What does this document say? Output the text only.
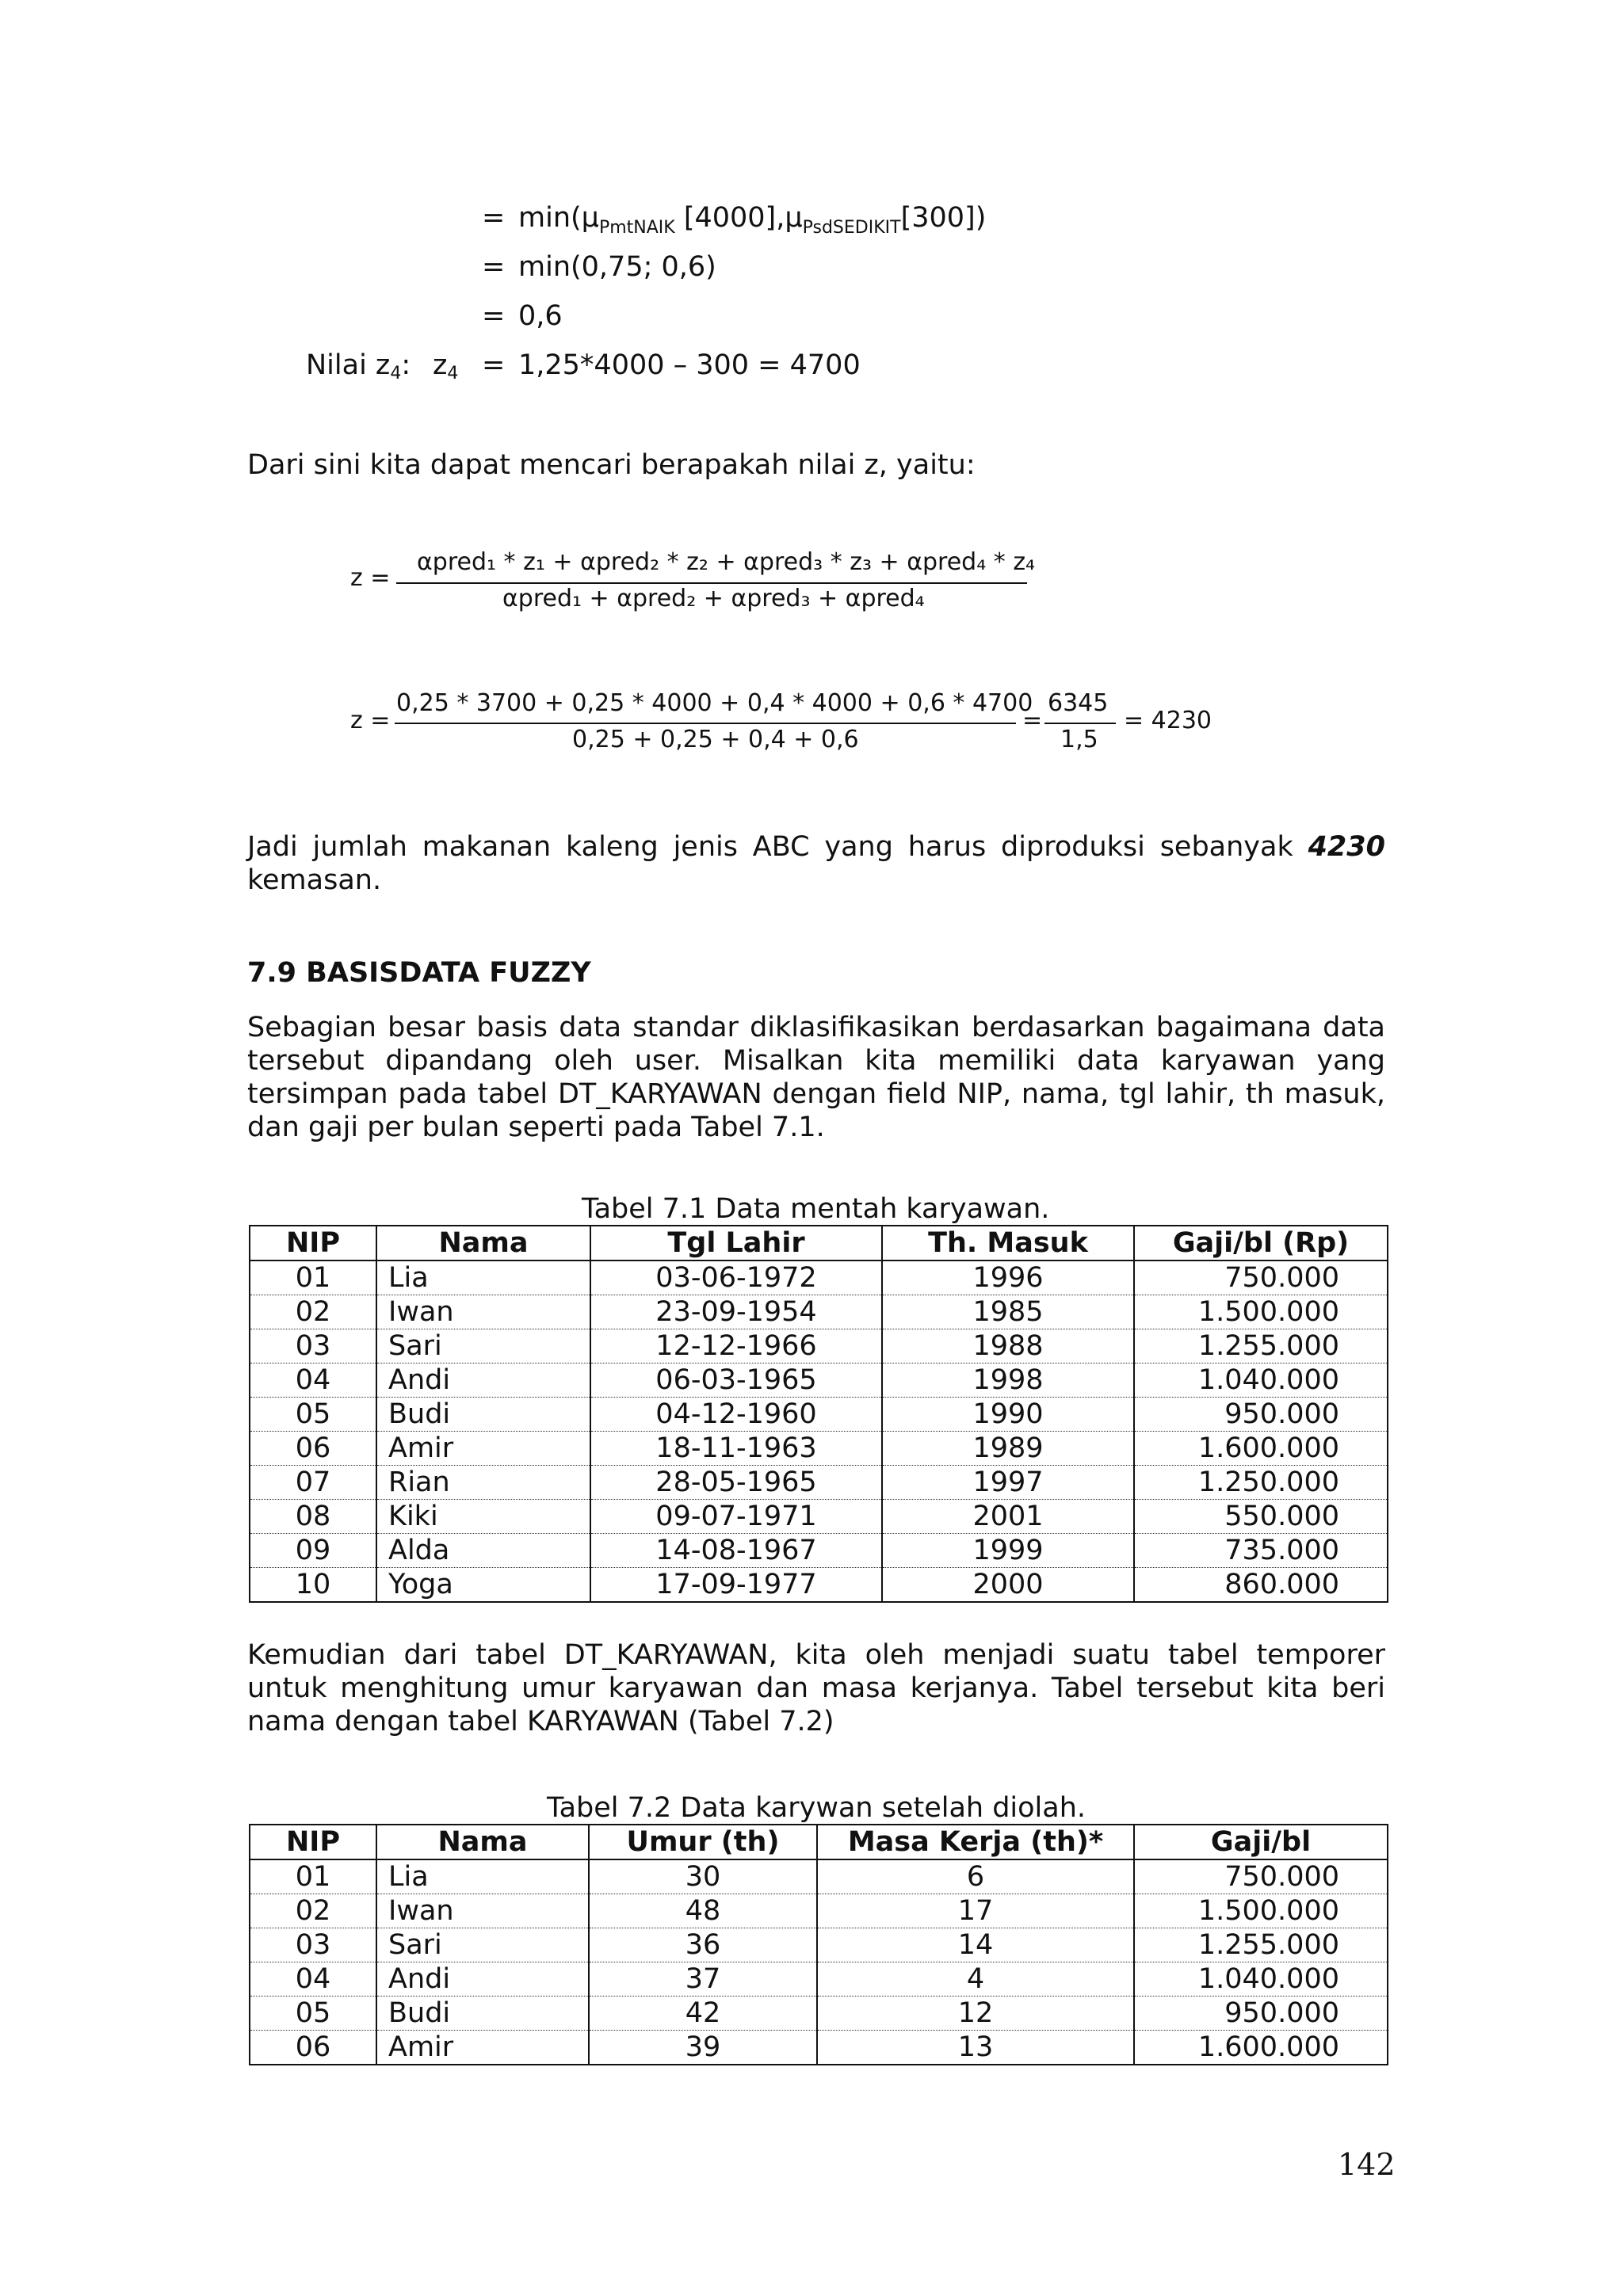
= $\min(\mu_{PmtNAIK}$ $[4000],\mu_{PsdSEDIKIT}[300]$)
= min(0,75; 0,6)
= 0,6
Nilai z4: z4 = 1,25*4000 – 300 = 4700
Dari sini kita dapat mencari berapakah nilai z, yaitu:
z =
αpred₁ * z₁ + αpred₂ * z₂ + αpred₃ * z₃ + αpred₄ * z₄
αpred₁ + αpred₂ + αpred₃ + αpred₄
z =
0,25 * 3700 + 0,25 * 4000 + 0,4 * 4000 + 0,6 * 4700
0,25 + 0,25 + 0,4 + 0,6
=
6345
1,5
= 4230
Jadi jumlah makanan kaleng jenis ABC yang harus diproduksi sebanyak 4230
kemasan.
7.9 BASISDATA FUZZY
Sebagian besar basis data standar diklasifikasikan berdasarkan bagaimana data
tersebut dipandang oleh user. Misalkan kita memiliki data karyawan yang
tersimpan pada tabel DT_KARYAWAN dengan field NIP, nama, tgl lahir, th masuk,
dan gaji per bulan seperti pada Tabel 7.1.
Tabel 7.1 Data mentah karyawan.
NIP	Nama	Tgl Lahir	Th. Masuk	Gaji/bl (Rp)
01	Lia	03-06-1972	1996	750.000
02	Iwan	23-09-1954	1985	1.500.000
03	Sari	12-12-1966	1988	1.255.000
04	Andi	06-03-1965	1998	1.040.000
05	Budi	04-12-1960	1990	950.000
06	Amir	18-11-1963	1989	1.600.000
07	Rian	28-05-1965	1997	1.250.000
08	Kiki	09-07-1971	2001	550.000
09	Alda	14-08-1967	1999	735.000
10	Yoga	17-09-1977	2000	860.000
Kemudian dari tabel DT_KARYAWAN, kita oleh menjadi suatu tabel temporer
untuk menghitung umur karyawan dan masa kerjanya. Tabel tersebut kita beri
nama dengan tabel KARYAWAN (Tabel 7.2)
Tabel 7.2 Data karywan setelah diolah.
NIP	Nama	Umur (th)	Masa Kerja (th)*	Gaji/bl
01	Lia	30	6	750.000
02	Iwan	48	17	1.500.000
03	Sari	36	14	1.255.000
04	Andi	37	4	1.040.000
05	Budi	42	12	950.000
06	Amir	39	13	1.600.000
142
